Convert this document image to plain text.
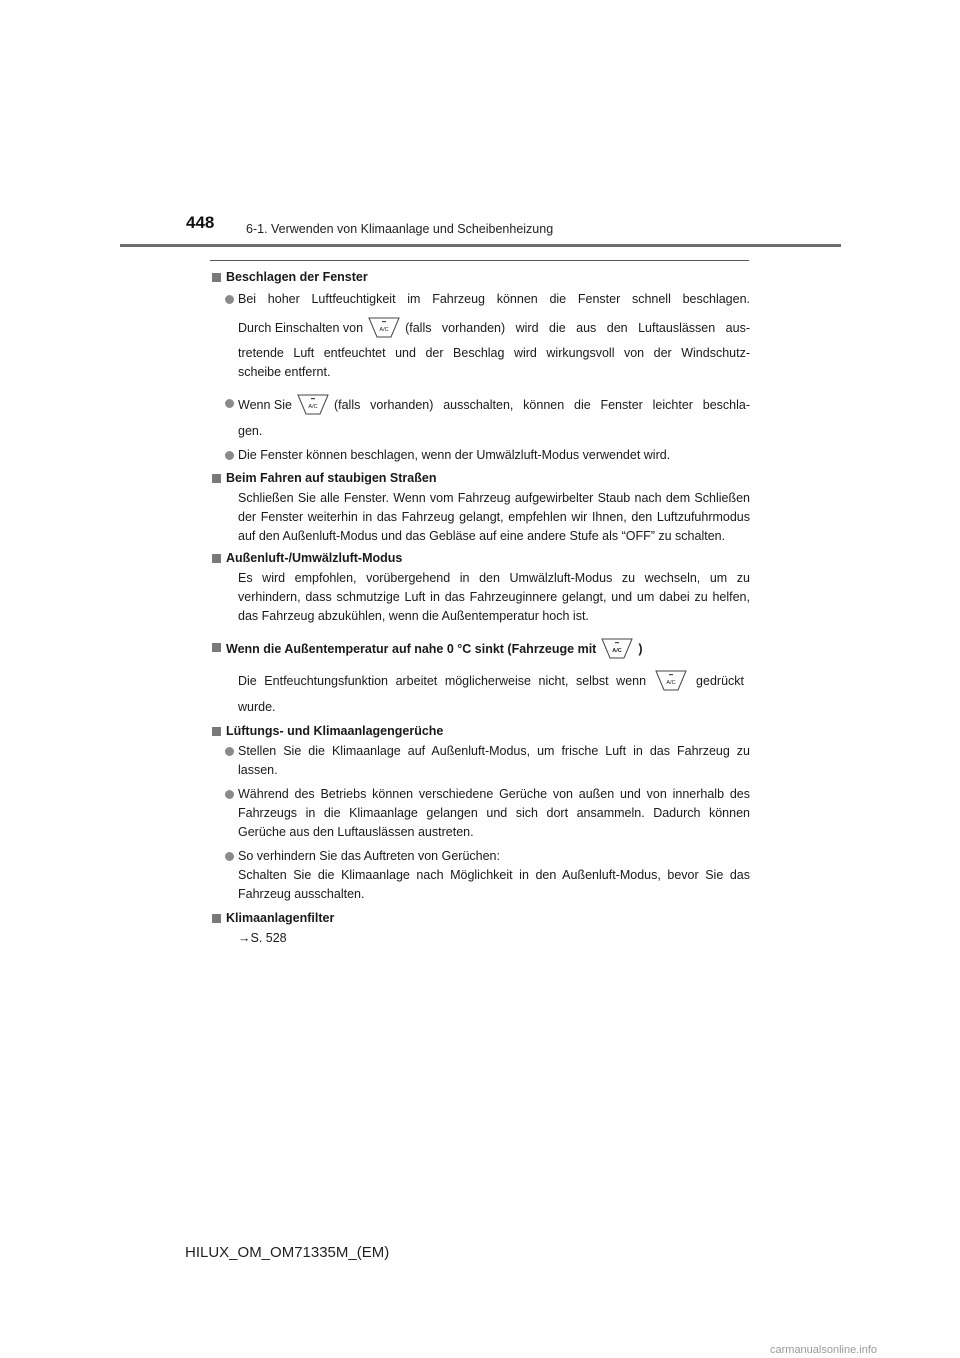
448	6-1. Verwenden von Klimaanlage und Scheibenheizung

Beschlagen der Fenster

Bei hoher Luftfeuchtigkeit im Fahrzeug können die Fenster schnell beschlagen.
Durch Einschalten von	A/C (falls vorhanden) wird die aus den Luftauslässen aus-
tretende Luft entfeuchtet und der Beschlag wird wirkungsvoll von der Windschutz-
scheibe entfernt.
Wenn Sie	A/C (falls vorhanden) ausschalten, können die Fenster leichter beschla-
gen.
Die Fenster können beschlagen, wenn der Umwälzluft-Modus verwendet wird.

Beim Fahren auf staubigen Straßen

Schließen Sie alle Fenster. Wenn vom Fahrzeug aufgewirbelter Staub nach dem Schließen der Fenster weiterhin in das Fahrzeug gelangt, empfehlen wir Ihnen, den Luftzufuhrmodus auf den Außenluft-Modus und das Gebläse auf eine andere Stufe als “OFF” zu schalten.

Außenluft-/Umwälzluft-Modus

Es wird empfohlen, vorübergehend in den Umwälzluft-Modus zu wechseln, um zu verhindern, dass schmutzige Luft in das Fahrzeuginnere gelangt, und um dabei zu helfen, das Fahrzeug abzukühlen, wenn die Außentemperatur hoch ist.

Wenn die Außentemperatur auf nahe 0 °C sinkt (Fahrzeuge mit	A/C )

Die Entfeuchtungsfunktion arbeitet möglicherweise nicht, selbst wenn	A/C gedrückt

wurde.

Lüftungs- und Klimaanlagengerüche

Stellen Sie die Klimaanlage auf Außenluft-Modus, um frische Luft in das Fahrzeug zu lassen.
Während des Betriebs können verschiedene Gerüche von außen und von innerhalb des Fahrzeugs in die Klimaanlage gelangen und sich dort ansammeln. Dadurch können Gerüche aus den Luftauslässen austreten.
So verhindern Sie das Auftreten von Gerüchen:
Schalten Sie die Klimaanlage nach Möglichkeit in den Außenluft-Modus, bevor Sie das Fahrzeug ausschalten.

Klimaanlagenfilter

→S. 528

HILUX_OM_OM71335M_(EM)
carmanualsonline.info
